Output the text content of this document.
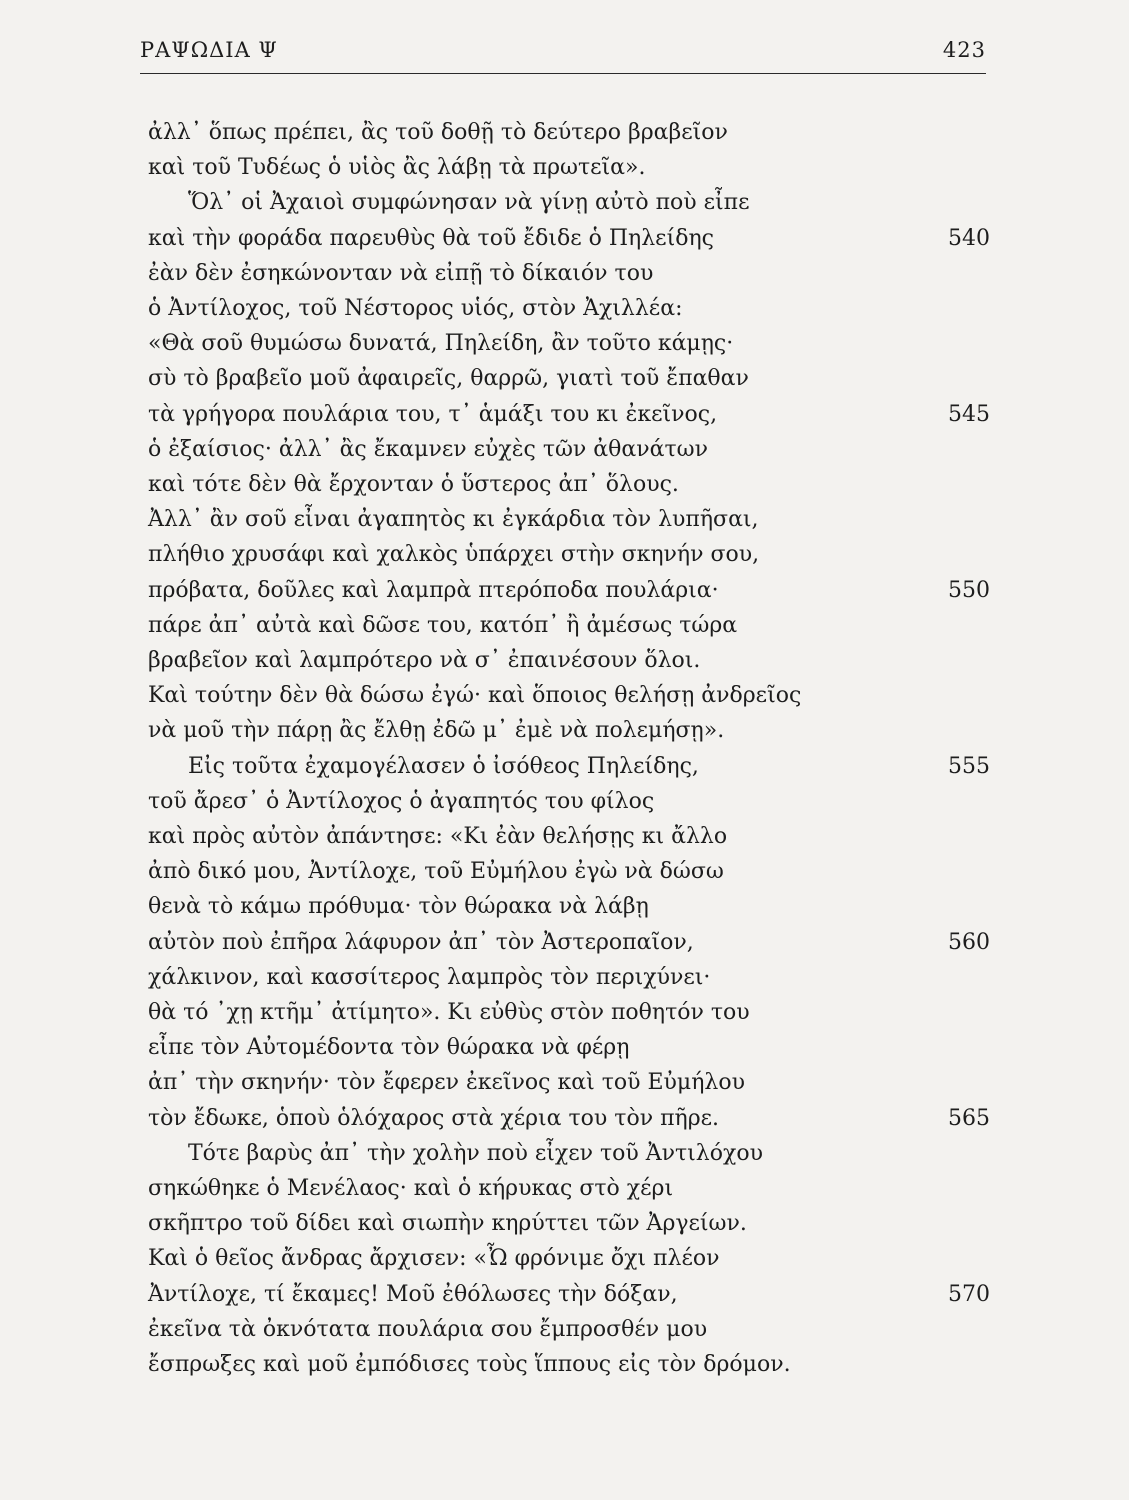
ΡΑΨΩΔΙΑ Ψ	423
ἀλλ᾽ ὅπως πρέπει, ἂς τοῦ δοθῇ τὸ δεύτερο βραβεῖον
καὶ τοῦ Τυδέως ὁ υἱὸς ἂς λάβῃ τὰ πρωτεῖα».
Ὅλ᾽ οἱ Ἀχαιοὶ συμφώνησαν νὰ γίνῃ αὐτὸ ποὺ εἶπε
καὶ τὴν φοράδα παρευθὺς θὰ τοῦ ἔδιδε ὁ Πηλείδης	540
ἐὰν δὲν ἐσηκώνονταν νὰ εἰπῇ τὸ δίκαιόν του
ὁ Ἀντίλοχος, τοῦ Νέστορος υἱός, στὸν Ἀχιλλέα:
«Θὰ σοῦ θυμώσω δυνατά, Πηλείδη, ἂν τοῦτο κάμῃς·
σὺ τὸ βραβεῖο μοῦ ἀφαιρεῖς, θαρρῶ, γιατὶ τοῦ ἔπαθαν
τὰ γρήγορα πουλάρια του, τ᾽ ἁμάξι του κι ἐκεῖνος,	545
ὁ ἐξαίσιος· ἀλλ᾽ ἂς ἔκαμνεν εὐχὲς τῶν ἀθανάτων
καὶ τότε δὲν θὰ ἔρχονταν ὁ ὕστερος ἀπ᾽ ὅλους.
Ἀλλ᾽ ἂν σοῦ εἶναι ἀγαπητὸς κι ἐγκάρδια τὸν λυπῆσαι,
πλήθιο χρυσάφι καὶ χαλκὸς ὑπάρχει στὴν σκηνήν σου,
πρόβατα, δοῦλες καὶ λαμπρὰ πτερόποδα πουλάρια·	550
πάρε ἀπ᾽ αὐτὰ καὶ δῶσε του, κατόπ᾽ ἢ ἀμέσως τώρα
βραβεῖον καὶ λαμπρότερο νὰ σ᾽ ἐπαινέσουν ὅλοι.
Καὶ τούτην δὲν θὰ δώσω ἐγώ· καὶ ὅποιος θελήσῃ ἀνδρεῖος
νὰ μοῦ τὴν πάρῃ ἂς ἔλθῃ ἐδῶ μ᾽ ἐμὲ νὰ πολεμήσῃ».
Εἰς τοῦτα ἐχαμογέλασεν ὁ ἰσόθεος Πηλείδης,	555
τοῦ ἄρεσ᾽ ὁ Ἀντίλοχος ὁ ἀγαπητός του φίλος
καὶ πρὸς αὐτὸν ἀπάντησε: «Κι ἐὰν θελήσῃς κι ἄλλο
ἀπὸ δικό μου, Ἀντίλοχε, τοῦ Εὐμήλου ἐγὼ νὰ δώσω
θενὰ τὸ κάμω πρόθυμα· τὸν θώρακα νὰ λάβῃ
αὐτὸν ποὺ ἐπῆρα λάφυρον ἀπ᾽ τὸν Ἀστεροπαῖον,	560
χάλκινον, καὶ κασσίτερος λαμπρὸς τὸν περιχύνει·
θὰ τό ᾽χῃ κτῆμ᾽ ἀτίμητο». Κι εὐθὺς στὸν ποθητόν του
εἶπε τὸν Αὐτομέδοντα τὸν θώρακα νὰ φέρῃ
ἀπ᾽ τὴν σκηνήν· τὸν ἔφερεν ἐκεῖνος καὶ τοῦ Εὐμήλου
τὸν ἔδωκε, ὁποὺ ὁλόχαρος στὰ χέρια του τὸν πῆρε.	565
Τότε βαρὺς ἀπ᾽ τὴν χολὴν ποὺ εἶχεν τοῦ Ἀντιλόχου
σηκώθηκε ὁ Μενέλαος· καὶ ὁ κήρυκας στὸ χέρι
σκῆπτρο τοῦ δίδει καὶ σιωπὴν κηρύττει τῶν Ἀργείων.
Καὶ ὁ θεῖος ἄνδρας ἄρχισεν: «Ὦ φρόνιμε ὄχι πλέον
Ἀντίλοχε, τί ἔκαμες! Μοῦ ἐθόλωσες τὴν δόξαν,	570
ἐκεῖνα τὰ ὀκνότατα πουλάρια σου ἔμπροσθέν μου
ἔσπρωξες καὶ μοῦ ἐμπόδισες τοὺς ἵππους εἰς τὸν δρόμον.
